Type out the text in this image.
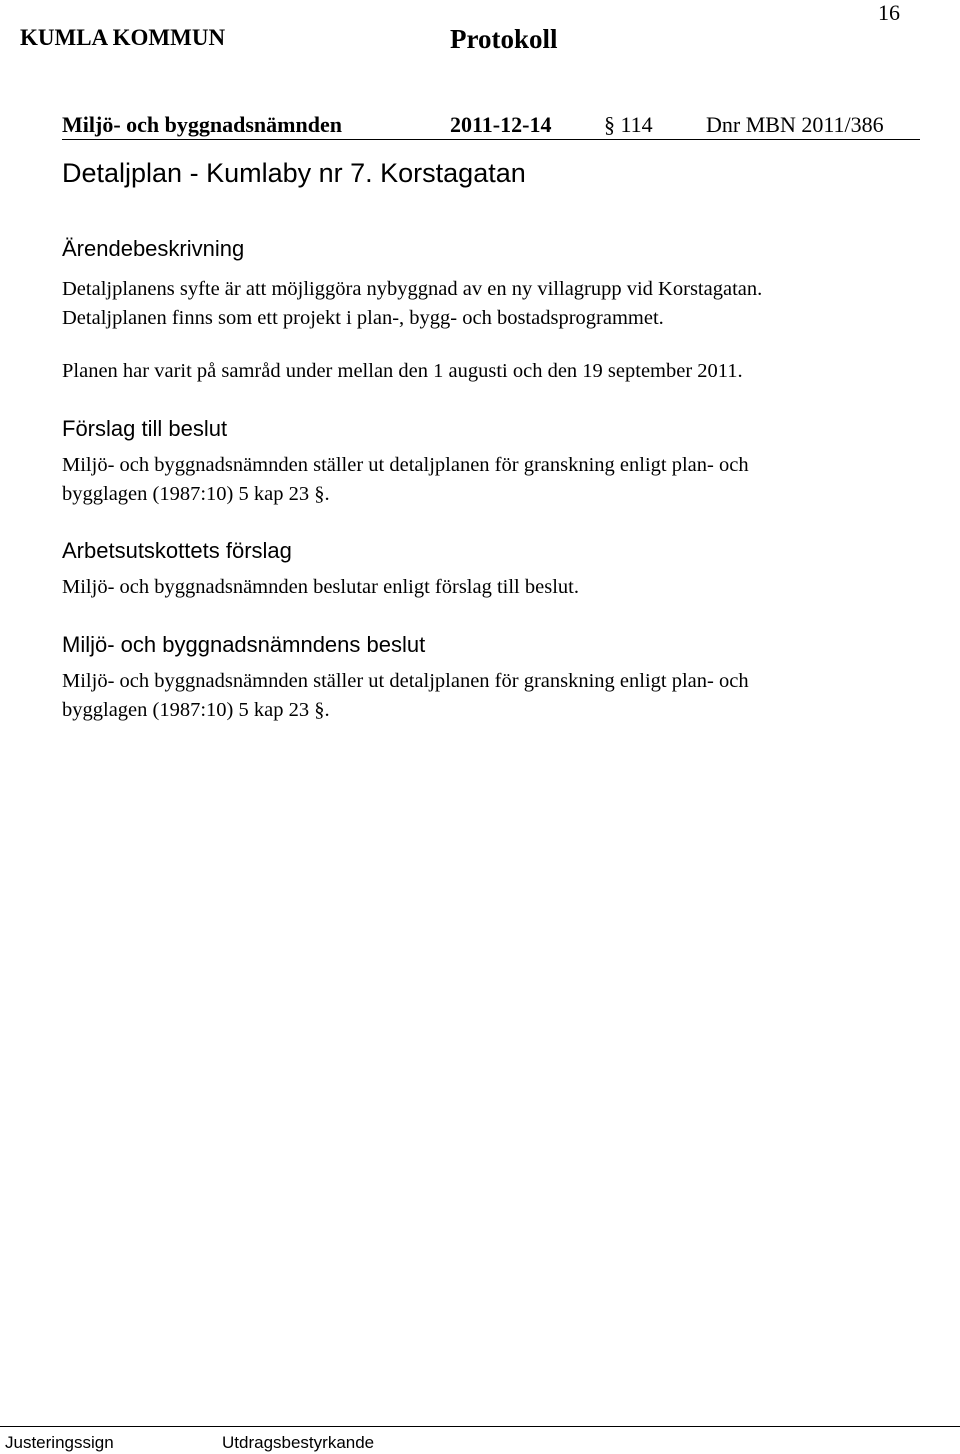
KUMLA KOMMUN	Protokoll
16
Miljö- och byggnadsnämnden	2011-12-14 § 114 Dnr MBN 2011/386
Detaljplan - Kumlaby nr 7. Korstagatan
Ärendebeskrivning
Detaljplanens syfte är att möjliggöra nybyggnad av en ny villagrupp vid Korstagatan.
Detaljplanen finns som ett projekt i plan-, bygg- och bostadsprogrammet.
Planen har varit på samråd under mellan den 1 augusti och den 19 september 2011.
Förslag till beslut
Miljö- och byggnadsnämnden ställer ut detaljplanen för granskning enligt plan- och
bygglagen (1987:10) 5 kap 23 §.
Arbetsutskottets förslag
Miljö- och byggnadsnämnden beslutar enligt förslag till beslut.
Miljö- och byggnadsnämndens beslut
Miljö- och byggnadsnämnden ställer ut detaljplanen för granskning enligt plan- och
bygglagen (1987:10) 5 kap 23 §.
Justeringssign	Utdragsbestyrkande
